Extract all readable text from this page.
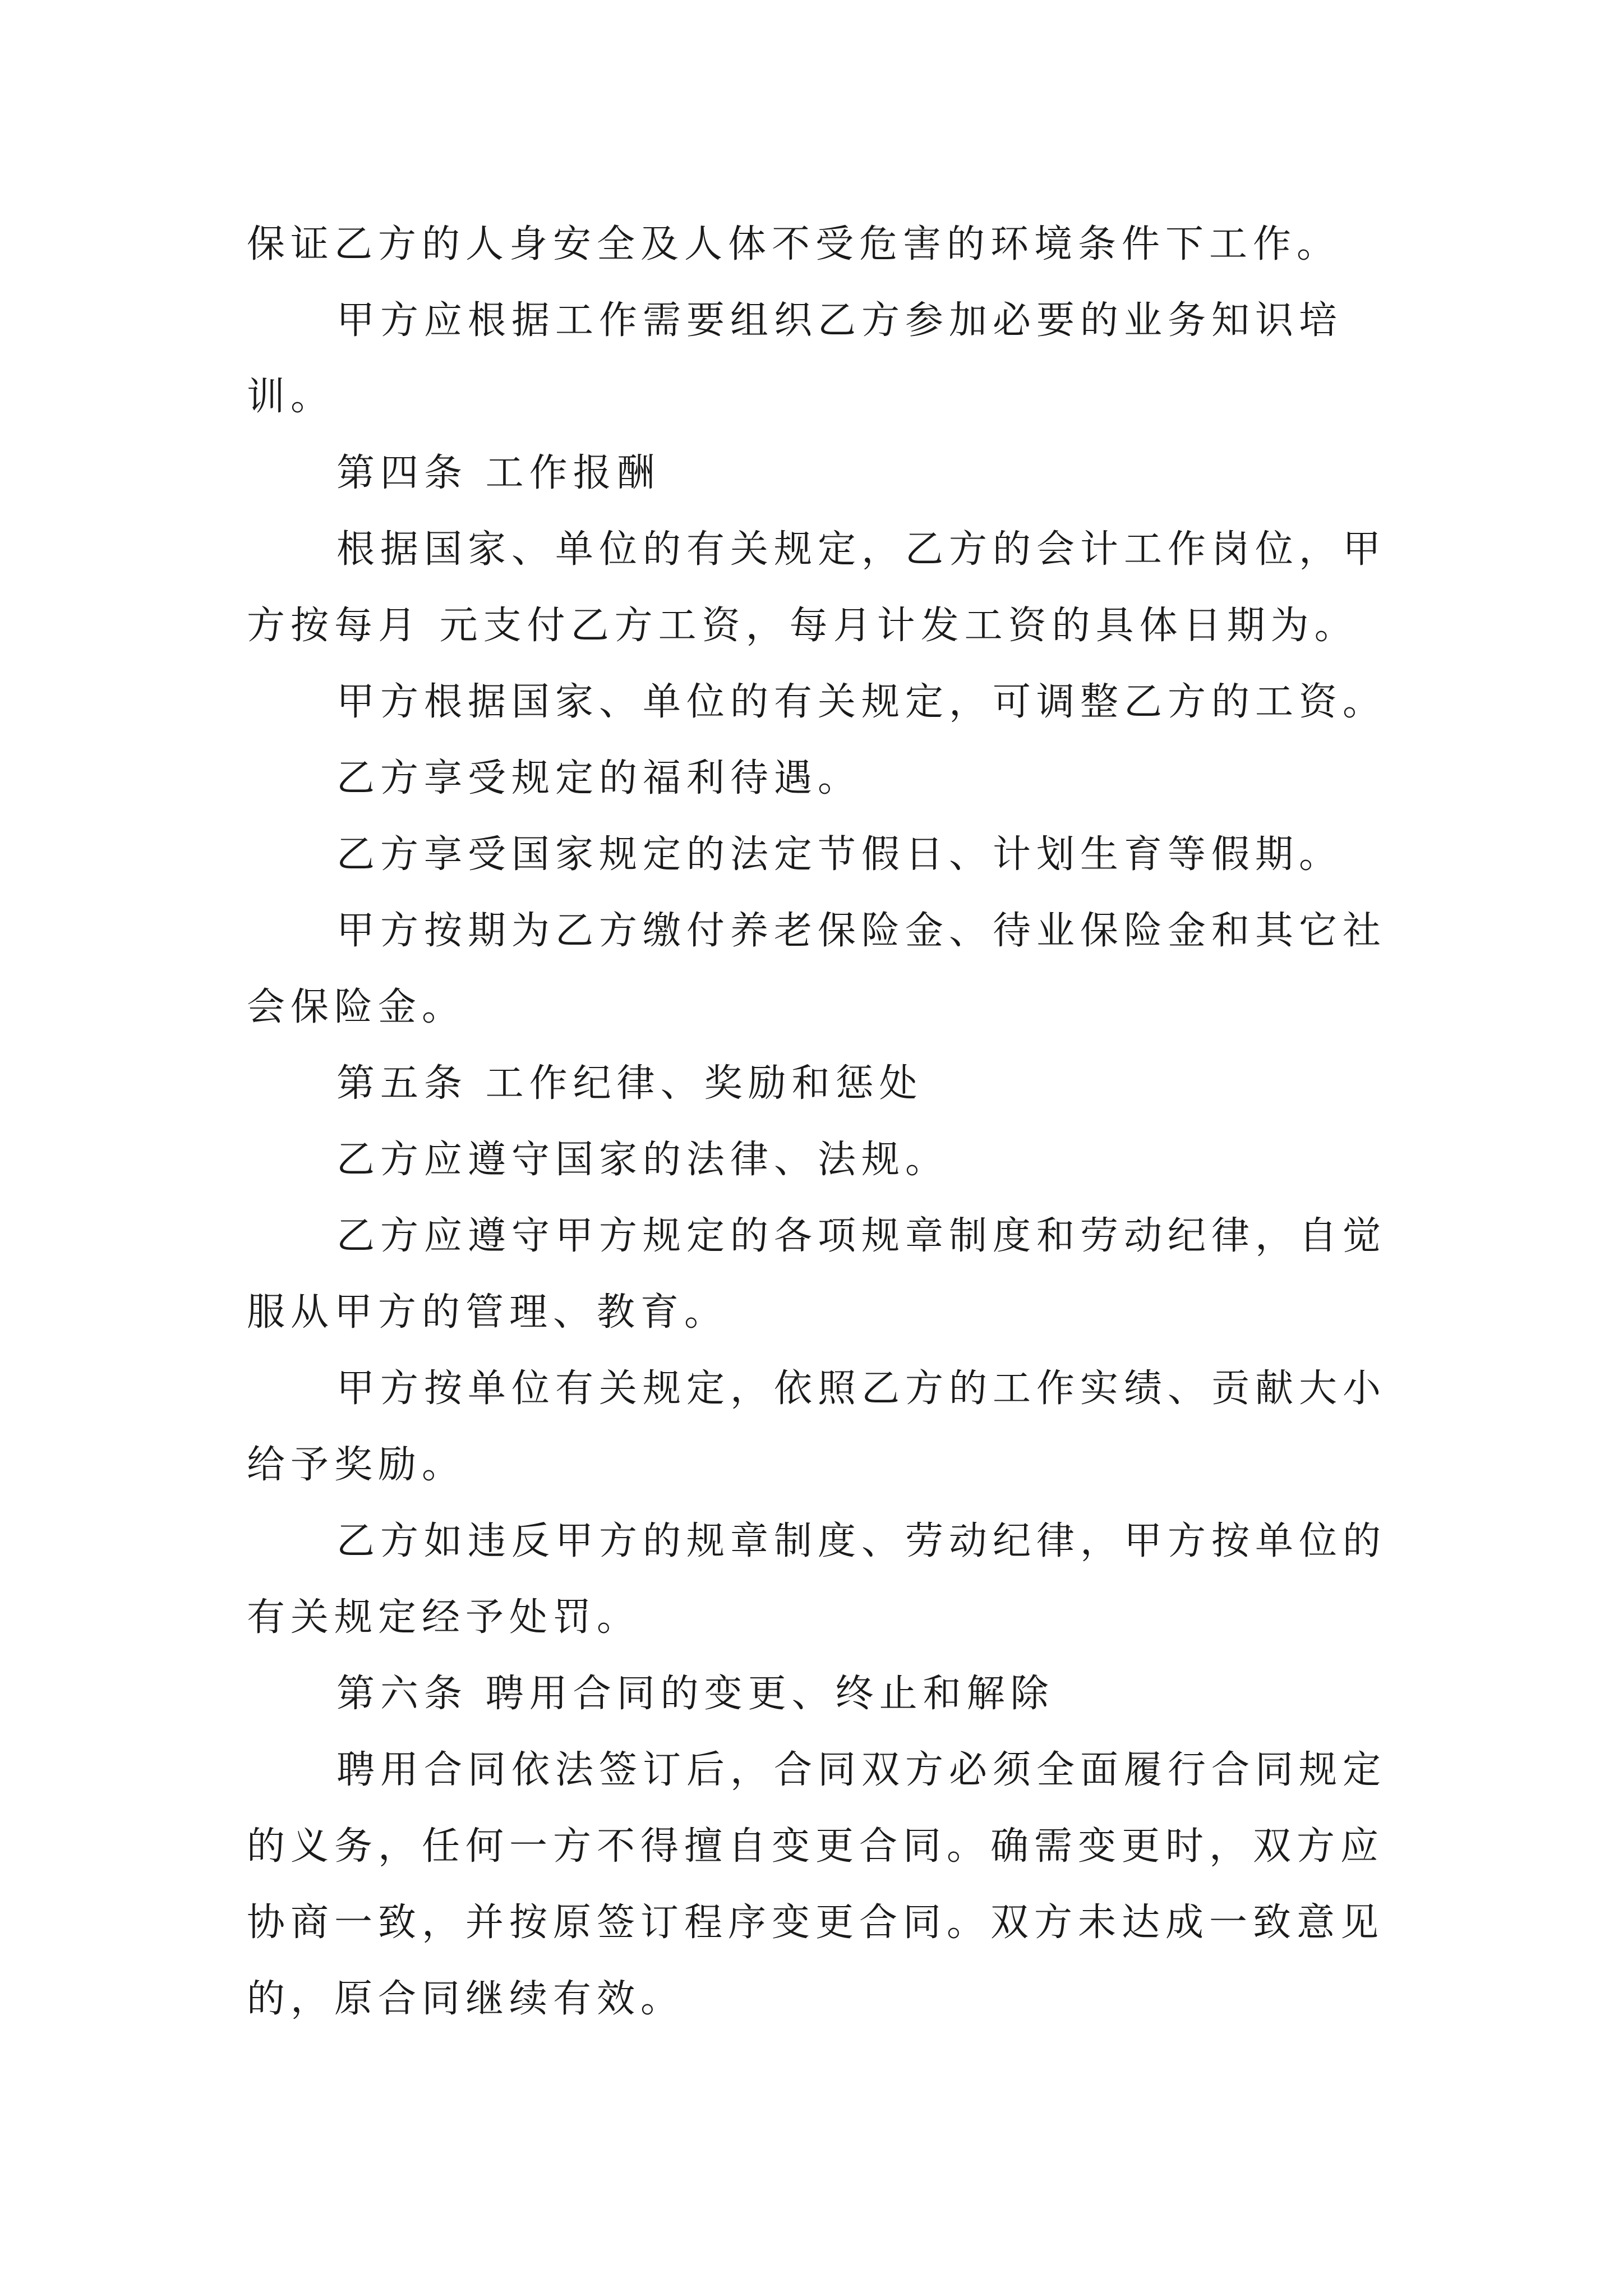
保证乙方的人身安全及人体不受危害的环境条件下工作。
甲方应根据工作需要组织乙方参加必要的业务知识培
训。
第四条 工作报酬
根据国家、单位的有关规定，乙方的会计工作岗位，甲
方按每月 元支付乙方工资，每月计发工资的具体日期为。
甲方根据国家、单位的有关规定，可调整乙方的工资。
乙方享受规定的福利待遇。
乙方享受国家规定的法定节假日、计划生育等假期。
甲方按期为乙方缴付养老保险金、待业保险金和其它社
会保险金。
第五条 工作纪律、奖励和惩处
乙方应遵守国家的法律、法规。
乙方应遵守甲方规定的各项规章制度和劳动纪律，自觉
服从甲方的管理、教育。
甲方按单位有关规定，依照乙方的工作实绩、贡献大小
给予奖励。
乙方如违反甲方的规章制度、劳动纪律，甲方按单位的
有关规定经予处罚。
第六条 聘用合同的变更、终止和解除
聘用合同依法签订后，合同双方必须全面履行合同规定
的义务，任何一方不得擅自变更合同。确需变更时，双方应
协商一致，并按原签订程序变更合同。双方未达成一致意见
的，原合同继续有效。
